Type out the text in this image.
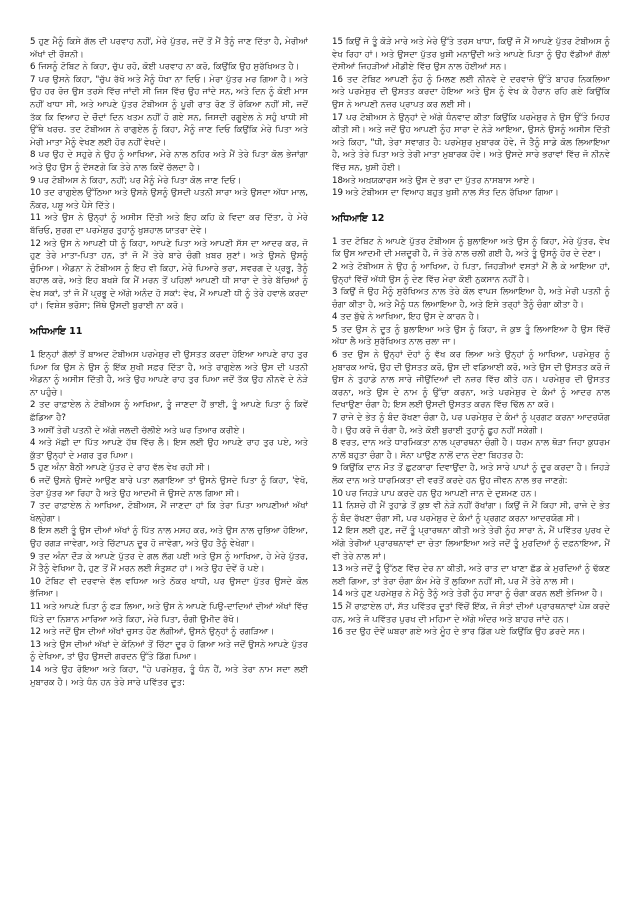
5 ਹੁਣ ਮੈਨੂੰ ਕਿਸੇ ਗੱਲ ਦੀ ਪਰਵਾਹ ਨਹੀਂ, ਮੇਰੇ ਪੁੱਤਰ, ਜਦੋਂ ਤੋਂ ਮੈਂ ਤੈਨੂੰ ਜਾਣ ਦਿੱਤਾ ਹੈ, ਮੇਰੀਆਂ ਅੱਖਾਂ ਦੀ ਰੌਸ਼ਨੀ।

6 ਜਿਸਨੂੰ ਟੋਬਿਟ ਨੇ ਕਿਹਾ, ਚੁੱਪ ਰਹੋ, ਕੋਈ ਪਰਵਾਹ ਨਾ ਕਰੋ, ਕਿਉਂਕਿ ਉਹ ਸੁਰੱਖਿਅਤ ਹੈ।

7 ਪਰ ਉਸਨੇ ਕਿਹਾ, "ਚੁੱਪ ਰੱਖੋ ਅਤੇ ਮੈਨੂੰ ਧੋਖਾ ਨਾ ਦਿਓ। ਮੇਰਾ ਪੁੱਤਰ ਮਰ ਗਿਆ ਹੈ। ਅਤੇ ਉਹ ਹਰ ਰੋਜ਼ ਉਸ ਤਰਸੇ ਵਿੱਚ ਜਾਂਦੀ ਸੀ ਜਿਸ ਵਿੱਚ ਉਹ ਜਾਂਦੇ ਸਨ, ਅਤੇ ਦਿਨ ਨੂੰ ਕੋਈ ਮਾਸ ਨਹੀਂ ਖਾਧਾ ਸੀ, ਅਤੇ ਆਪਣੇ ਪੁੱਤਰ ਟੋਬੀਅਸ ਨੂੰ ਪੂਰੀ ਰਾਤ ਰੋਣ ਤੋਂ ਰੋਕਿਆ ਨਹੀਂ ਸੀ, ਜਦੋਂ ਤੱਕ ਕਿ ਵਿਆਹ ਦੇ ਚੌਦਾਂ ਦਿਨ ਖਤਮ ਨਹੀਂ ਹੋ ਗਏ ਸਨ, ਜਿਸਦੀ ਰਗੂਏਲ ਨੇ ਸਹੁੰ ਖਾਧੀ ਸੀ ਉੱਥੇ ਖਰਚ. ਤਦ ਟੋਬੀਅਸ ਨੇ ਰਾਗੁਏਲ ਨੂੰ ਕਿਹਾ, ਮੈਨੂੰ ਜਾਣ ਦਿਓ ਕਿਉਂਕਿ ਮੇਰੇ ਪਿਤਾ ਅਤੇ ਮੇਰੀ ਮਾਤਾ ਮੈਨੂੰ ਵੇਖਣ ਲਈ ਹੋਰ ਨਹੀਂ ਵੇਖਦੇ।

8 ਪਰ ਉਹ ਦੇ ਸਹੁਰੇ ਨੇ ਉਹ ਨੂੰ ਆਖਿਆ, ਮੇਰੇ ਨਾਲ ਠਹਿਰ ਅਤੇ ਮੈਂ ਤੇਰੇ ਪਿਤਾ ਕੋਲ ਭੇਜਾਂਗਾ ਅਤੇ ਉਹ ਉਸ ਨੂੰ ਦੱਸਣਗੇ ਕਿ ਤੇਰੇ ਨਾਲ ਕਿਵੇਂ ਚੱਲਦਾ ਹੈ।

9 ਪਰ ਟੋਬੀਅਸ ਨੇ ਕਿਹਾ, ਨਹੀਂ; ਪਰ ਮੈਨੂੰ ਮੇਰੇ ਪਿਤਾ ਕੋਲ ਜਾਣ ਦਿਓ।

10 ਤਦ ਰਾਗੁਏਲ ਉੱਠਿਆ ਅਤੇ ਉਸਨੇ ਉਸਨੂੰ ਉਸਦੀ ਪਤਨੀ ਸਾਰਾ ਅਤੇ ਉਸਦਾ ਅੱਧਾ ਮਾਲ, ਨੌਕਰ, ਪਸ਼ੂ ਅਤੇ ਪੈਸੇ ਦਿੱਤੇ।

11 ਅਤੇ ਉਸ ਨੇ ਉਨ੍ਹਾਂ ਨੂੰ ਅਸੀਸ ਦਿੱਤੀ ਅਤੇ ਇਹ ਕਹਿ ਕੇ ਵਿਦਾ ਕਰ ਦਿੱਤਾ, ਹੇ ਮੇਰੇ ਬੱਚਿਓ, ਸੁਰਗ ਦਾ ਪਰਮੇਸ਼ੁਰ ਤੁਹਾਨੂੰ ਖੁਸ਼ਹਾਲ ਯਾਤਰਾ ਦੇਵੇ।

12 ਅਤੇ ਉਸ ਨੇ ਆਪਣੀ ਧੀ ਨੂੰ ਕਿਹਾ, ਆਪਣੇ ਪਿਤਾ ਅਤੇ ਆਪਣੀ ਸੱਸ ਦਾ ਆਦਰ ਕਰ, ਜੋ ਹੁਣ ਤੇਰੇ ਮਾਤਾ-ਪਿਤਾ ਹਨ, ਤਾਂ ਜੋ ਮੈਂ ਤੇਰੇ ਬਾਰੇ ਚੰਗੀ ਖ਼ਬਰ ਸੁਣਾਂ। ਅਤੇ ਉਸਨੇ ਉਸਨੂੰ ਚੁੰਮਿਆ। ਐਡਨਾ ਨੇ ਟੋਬੀਅਸ ਨੂੰ ਇਹ ਵੀ ਕਿਹਾ, ਮੇਰੇ ਪਿਆਰੇ ਭਰਾ, ਸਵਰਗ ਦੇ ਪ੍ਰਭੂ, ਤੈਨੂੰ ਬਹਾਲ ਕਰੇ, ਅਤੇ ਇਹ ਬਖਸ਼ੇ ਕਿ ਮੈਂ ਮਰਨ ਤੋਂ ਪਹਿਲਾਂ ਆਪਣੀ ਧੀ ਸਾਰਾ ਦੇ ਤੇਰੇ ਬੱਚਿਆਂ ਨੂੰ ਵੇਖ ਸਕਾਂ, ਤਾਂ ਜੋ ਮੈਂ ਪ੍ਰਭੂ ਦੇ ਅੱਗੇ ਅਨੰਦ ਹੋ ਸਕਾਂ: ਵੇਖ, ਮੈਂ ਆਪਣੀ ਧੀ ਨੂੰ ਤੇਰੇ ਹਵਾਲੇ ਕਰਦਾ ਹਾਂ। ਵਿਸ਼ੇਸ਼ ਭਰੋਸਾ; ਜਿੱਥੇ ਉਸਦੀ ਬੁਰਾਈ ਨਾ ਕਰੋ।

ਅਧਿਆਇ 11

1 ਇਨ੍ਹਾਂ ਗੱਲਾਂ ਤੋਂ ਬਾਅਦ ਟੋਬੀਅਸ ਪਰਮੇਸ਼ੁਰ ਦੀ ਉਸਤਤ ਕਰਦਾ ਹੋਇਆ ਆਪਣੇ ਰਾਹ ਤੁਰ ਪਿਆ ਕਿ ਉਸ ਨੇ ਉਸ ਨੂੰ ਇੱਕ ਸੁਖੀ ਸਫ਼ਰ ਦਿੱਤਾ ਹੈ, ਅਤੇ ਰਾਗੁਏਲ ਅਤੇ ਉਸ ਦੀ ਪਤਨੀ ਐਡਨਾ ਨੂੰ ਅਸੀਸ ਦਿੱਤੀ ਹੈ, ਅਤੇ ਉਹ ਆਪਣੇ ਰਾਹ ਤੁਰ ਪਿਆ ਜਦੋਂ ਤੱਕ ਉਹ ਨੀਨਵੇ ਦੇ ਨੇੜੇ ਨਾ ਪਹੁੰਚੇ।

2 ਤਦ ਰਾਫ਼ਾਏਲ ਨੇ ਟੋਬੀਅਸ ਨੂੰ ਆਖਿਆ, ਤੂੰ ਜਾਣਦਾ ਹੈਂ ਭਾਈ, ਤੂੰ ਆਪਣੇ ਪਿਤਾ ਨੂੰ ਕਿਵੇਂ ਛੱਡਿਆ ਹੈ?

3 ਅਸੀਂ ਤੇਰੀ ਪਤਨੀ ਦੇ ਅੱਗੇ ਜਲਦੀ ਚੱਲੀਏ ਅਤੇ ਘਰ ਤਿਆਰ ਕਰੀਏ।

4 ਅਤੇ ਮੱਛੀ ਦਾ ਪਿੱਤ ਆਪਣੇ ਹੱਥ ਵਿੱਚ ਲੈ। ਇਸ ਲਈ ਉਹ ਆਪਣੇ ਰਾਹ ਤੁਰ ਪਏ, ਅਤੇ ਕੁੱਤਾ ਉਨ੍ਹਾਂ ਦੇ ਮਗਰ ਤੁਰ ਪਿਆ।

5 ਹੁਣ ਅੰਨਾ ਬੈਠੀ ਆਪਣੇ ਪੁੱਤਰ ਦੇ ਰਾਹ ਵੱਲ ਵੇਖ ਰਹੀ ਸੀ।

6 ਜਦੋਂ ਉਸਨੇ ਉਸਦੇ ਆਉਣ ਬਾਰੇ ਪਤਾ ਲਗਾਇਆ ਤਾਂ ਉਸਨੇ ਉਸਦੇ ਪਿਤਾ ਨੂੰ ਕਿਹਾ, 'ਵੇਖੋ, ਤੇਰਾ ਪੁੱਤਰ ਆ ਰਿਹਾ ਹੈ ਅਤੇ ਉਹ ਆਦਮੀ ਜੋ ਉਸਦੇ ਨਾਲ ਗਿਆ ਸੀ।

7 ਤਦ ਰਾਫ਼ਾਏਲ ਨੇ ਆਖਿਆ, ਟੋਬੀਅਸ, ਮੈਂ ਜਾਣਦਾ ਹਾਂ ਕਿ ਤੇਰਾ ਪਿਤਾ ਆਪਣੀਆਂ ਅੱਖਾਂ ਖੋਲ੍ਹੇਗਾ।

8 ਇਸ ਲਈ ਤੂੰ ਉਸ ਦੀਆਂ ਅੱਖਾਂ ਨੂੰ ਪਿੱਤ ਨਾਲ ਮਸਹ ਕਰ, ਅਤੇ ਉਸ ਨਾਲ ਚੁਭਿਆ ਹੋਇਆ, ਉਹ ਰਗੜ ਜਾਵੇਗਾ, ਅਤੇ ਚਿੱਟਾਪਨ ਦੂਰ ਹੋ ਜਾਵੇਗਾ, ਅਤੇ ਉਹ ਤੈਨੂੰ ਵੇਖੇਗਾ।

9 ਤਦ ਅੰਨਾ ਦੌੜ ਕੇ ਆਪਣੇ ਪੁੱਤਰ ਦੇ ਗਲ ਲੱਗ ਪਈ ਅਤੇ ਉਸ ਨੂੰ ਆਖਿਆ, ਹੇ ਮੇਰੇ ਪੁੱਤਰ, ਮੈਂ ਤੈਨੂੰ ਵੇਖਿਆ ਹੈ, ਹੁਣ ਤੋਂ ਮੈਂ ਮਰਨ ਲਈ ਸੰਤੁਸ਼ਟ ਹਾਂ। ਅਤੇ ਉਹ ਦੋਵੇਂ ਰੋ ਪਏ।

10 ਟੋਬਿਟ ਵੀ ਦਰਵਾਜ਼ੇ ਵੱਲ ਵਧਿਆ ਅਤੇ ਠੋਕਰ ਖਾਧੀ, ਪਰ ਉਸਦਾ ਪੁੱਤਰ ਉਸਦੇ ਕੋਲ ਭੱਜਿਆ।

11 ਅਤੇ ਆਪਣੇ ਪਿਤਾ ਨੂੰ ਫੜ ਲਿਆ, ਅਤੇ ਉਸ ਨੇ ਆਪਣੇ ਪਿਉ-ਦਾਦਿਆਂ ਦੀਆਂ ਅੱਖਾਂ ਵਿੱਚ ਪਿੱਤੇ ਦਾ ਨਿਸ਼ਾਨ ਮਾਰਿਆ ਅਤੇ ਕਿਹਾ, ਮੇਰੇ ਪਿਤਾ, ਚੰਗੀ ਉਮੀਦ ਰੱਖੋ।

12 ਅਤੇ ਜਦੋਂ ਉਸ ਦੀਆਂ ਅੱਖਾਂ ਚੁਸਤ ਹੋਣ ਲੱਗੀਆਂ, ਉਸਨੇ ਉਨ੍ਹਾਂ ਨੂੰ ਰਗੜਿਆ।

13 ਅਤੇ ਉਸ ਦੀਆਂ ਅੱਖਾਂ ਦੇ ਕੋਨਿਆਂ ਤੋਂ ਚਿੱਟਾ ਦੂਰ ਹੋ ਗਿਆ ਅਤੇ ਜਦੋਂ ਉਸਨੇ ਆਪਣੇ ਪੁੱਤਰ ਨੂੰ ਦੇਖਿਆ, ਤਾਂ ਉਹ ਉਸਦੀ ਗਰਦਨ ਉੱਤੇ ਡਿੱਗ ਪਿਆ।

14 ਅਤੇ ਉਹ ਰੋਇਆ ਅਤੇ ਕਿਹਾ, "ਹੇ ਪਰਮੇਸ਼ੁਰ, ਤੂੰ ਧੰਨ ਹੈਂ, ਅਤੇ ਤੇਰਾ ਨਾਮ ਸਦਾ ਲਈ ਮੁਬਾਰਕ ਹੈ। ਅਤੇ ਧੰਨ ਹਨ ਤੇਰੇ ਸਾਰੇ ਪਵਿੱਤਰ ਦੂਤ:

15 ਕਿਉਂ ਜੋ ਤੂੰ ਕੋੜੇ ਮਾਰੇ ਅਤੇ ਮੇਰੇ ਉੱਤੇ ਤਰਸ ਖਾਧਾ, ਕਿਉਂ ਜੋ ਮੈਂ ਆਪਣੇ ਪੁੱਤਰ ਟੋਬੀਅਸ ਨੂੰ ਵੇਖ ਰਿਹਾ ਹਾਂ। ਅਤੇ ਉਸਦਾ ਪੁੱਤਰ ਖੁਸ਼ੀ ਮਨਾਉਂਦੀ ਅਤੇ ਆਪਣੇ ਪਿਤਾ ਨੂੰ ਉਹ ਵੱਡੀਆਂ ਗੱਲਾਂ ਦੱਸੀਆਂ ਜਿਹੜੀਆਂ ਮੀਡੀਏ ਵਿੱਚ ਉਸ ਨਾਲ ਹੋਈਆਂ ਸਨ।

16 ਤਦ ਟੋਬਿਟ ਆਪਣੀ ਨੂੰਹ ਨੂੰ ਮਿਲਣ ਲਈ ਨੀਨਵੇ ਦੇ ਦਰਵਾਜ਼ੇ ਉੱਤੇ ਬਾਹਰ ਨਿਕਲਿਆ ਅਤੇ ਪਰਮੇਸ਼ੁਰ ਦੀ ਉਸਤਤ ਕਰਦਾ ਹੋਇਆ ਅਤੇ ਉਸ ਨੂੰ ਵੇਖ ਕੇ ਹੈਰਾਨ ਰਹਿ ਗਏ ਕਿਉਂਕਿ ਉਸ ਨੇ ਆਪਣੀ ਨਜ਼ਰ ਪ੍ਰਾਪਤ ਕਰ ਲਈ ਸੀ।

17 ਪਰ ਟੋਬੀਅਸ ਨੇ ਉਨ੍ਹਾਂ ਦੇ ਅੱਗੇ ਧੰਨਵਾਦ ਕੀਤਾ ਕਿਉਂਕਿ ਪਰਮੇਸ਼ੁਰ ਨੇ ਉਸ ਉੱਤੇ ਮਿਹਰ ਕੀਤੀ ਸੀ। ਅਤੇ ਜਦੋਂ ਉਹ ਆਪਣੀ ਨੂੰਹ ਸਾਰਾ ਦੇ ਨੇੜੇ ਆਇਆ, ਉਸਨੇ ਉਸਨੂੰ ਅਸੀਸ ਦਿੱਤੀ ਅਤੇ ਕਿਹਾ, "ਧੀ, ਤੇਰਾ ਸਵਾਗਤ ਹੈ: ਪਰਮੇਸ਼ੁਰ ਮੁਬਾਰਕ ਹੋਵੇ, ਜੋ ਤੈਨੂੰ ਸਾਡੇ ਕੋਲ ਲਿਆਇਆ ਹੈ, ਅਤੇ ਤੇਰੇ ਪਿਤਾ ਅਤੇ ਤੇਰੀ ਮਾਤਾ ਮੁਬਾਰਕ ਹੋਵੇ। ਅਤੇ ਉਸਦੇ ਸਾਰੇ ਭਰਾਵਾਂ ਵਿੱਚ ਜੋ ਨੀਨਵੇ ਵਿੱਚ ਸਨ, ਖੁਸ਼ੀ ਹੋਈ।

18ਅਤੇ ਅਖ਼ਯਕਾਰਸ ਅਤੇ ਉਸ ਦੇ ਭਰਾ ਦਾ ਪੁੱਤਰ ਨਾਸਬਾਸ ਆਏ।

19 ਅਤੇ ਟੋਬੀਅਸ ਦਾ ਵਿਆਹ ਬਹੁਤ ਖੁਸ਼ੀ ਨਾਲ ਸੱਤ ਦਿਨ ਰੱਖਿਆ ਗਿਆ।

ਅਧਿਆਇ 12

1 ਤਦ ਟੋਬਿਟ ਨੇ ਆਪਣੇ ਪੁੱਤਰ ਟੋਬੀਅਸ ਨੂੰ ਬੁਲਾਇਆ ਅਤੇ ਉਸ ਨੂੰ ਕਿਹਾ, ਮੇਰੇ ਪੁੱਤਰ, ਵੇਖ ਕਿ ਉਸ ਆਦਮੀ ਦੀ ਮਜ਼ਦੂਰੀ ਹੈ, ਜੋ ਤੇਰੇ ਨਾਲ ਚਲੀ ਗਈ ਹੈ, ਅਤੇ ਤੂੰ ਉਸਨੂੰ ਹੋਰ ਦੇ ਦੇਣਾ।

2 ਅਤੇ ਟੋਬੀਅਸ ਨੇ ਉਹ ਨੂੰ ਆਖਿਆ, ਹੇ ਪਿਤਾ, ਜਿਹੜੀਆਂ ਵਸਤਾਂ ਮੈਂ ਲੈ ਕੇ ਆਇਆ ਹਾਂ, ਉਨ੍ਹਾਂ ਵਿੱਚੋਂ ਅੱਧੀ ਉਸ ਨੂੰ ਦੇਣ ਵਿੱਚ ਮੇਰਾ ਕੋਈ ਨੁਕਸਾਨ ਨਹੀਂ ਹੈ।

3 ਕਿਉਂ ਜੋ ਉਹ ਮੈਨੂੰ ਸੁਰੱਖਿਅਤ ਨਾਲ ਤੇਰੇ ਕੋਲ ਵਾਪਸ ਲਿਆਇਆ ਹੈ, ਅਤੇ ਮੇਰੀ ਪਤਨੀ ਨੂੰ ਚੰਗਾ ਕੀਤਾ ਹੈ, ਅਤੇ ਮੈਨੂੰ ਧਨ ਲਿਆਇਆ ਹੈ, ਅਤੇ ਇਸੇ ਤਰ੍ਹਾਂ ਤੈਨੂੰ ਚੰਗਾ ਕੀਤਾ ਹੈ।

4 ਤਦ ਬੁੱਢੇ ਨੇ ਆਖਿਆ, ਇਹ ਉਸ ਦੇ ਕਾਰਨ ਹੈ।

5 ਤਦ ਉਸ ਨੇ ਦੂਤ ਨੂੰ ਬੁਲਾਇਆ ਅਤੇ ਉਸ ਨੂੰ ਕਿਹਾ, ਜੋ ਕੁਝ ਤੂੰ ਲਿਆਇਆ ਹੈ ਉਸ ਵਿੱਚੋਂ ਅੱਧਾ ਲੈ ਅਤੇ ਸੁਰੱਖਿਅਤ ਨਾਲ ਚਲਾ ਜਾ।

6 ਤਦ ਉਸ ਨੇ ਉਨ੍ਹਾਂ ਦੋਹਾਂ ਨੂੰ ਵੱਖ ਕਰ ਲਿਆ ਅਤੇ ਉਨ੍ਹਾਂ ਨੂੰ ਆਖਿਆ, ਪਰਮੇਸ਼ੁਰ ਨੂੰ ਮੁਬਾਰਕ ਆਖੋ, ਉਹ ਦੀ ਉਸਤਤ ਕਰੋ, ਉਸ ਦੀ ਵਡਿਆਈ ਕਰੋ, ਅਤੇ ਉਸ ਦੀ ਉਸਤਤ ਕਰੋ ਜੋ ਉਸ ਨੇ ਤੁਹਾਡੇ ਨਾਲ ਸਾਰੇ ਜੀਉਂਦਿਆਂ ਦੀ ਨਜ਼ਰ ਵਿੱਚ ਕੀਤੇ ਹਨ। ਪਰਮੇਸ਼ੁਰ ਦੀ ਉਸਤਤ ਕਰਨਾ, ਅਤੇ ਉਸ ਦੇ ਨਾਮ ਨੂੰ ਉੱਚਾ ਕਰਨਾ, ਅਤੇ ਪਰਮੇਸ਼ੁਰ ਦੇ ਕੰਮਾਂ ਨੂੰ ਆਦਰ ਨਾਲ ਦਿਖਾਉਣਾ ਚੰਗਾ ਹੈ; ਇਸ ਲਈ ਉਸਦੀ ਉਸਤਤ ਕਰਨ ਵਿੱਚ ਢਿੱਲ ਨਾ ਕਰੋ।

7 ਰਾਜੇ ਦੇ ਭੇਤ ਨੂੰ ਬੰਦ ਰੱਖਣਾ ਚੰਗਾ ਹੈ, ਪਰ ਪਰਮੇਸ਼ੁਰ ਦੇ ਕੰਮਾਂ ਨੂੰ ਪ੍ਰਗਟ ਕਰਨਾ ਆਦਰਯੋਗ ਹੈ। ਉਹ ਕਰੋ ਜੋ ਚੰਗਾ ਹੈ, ਅਤੇ ਕੋਈ ਬੁਰਾਈ ਤੁਹਾਨੂੰ ਛੂਹ ਨਹੀਂ ਸਕੇਗੀ।

8 ਵਰਤ, ਦਾਨ ਅਤੇ ਧਾਰਮਿਕਤਾ ਨਾਲ ਪ੍ਰਾਰਥਨਾ ਚੰਗੀ ਹੈ। ਧਰਮ ਨਾਲ ਥੋੜਾ ਜਿਹਾ ਕੁਧਰਮ ਨਾਲੋਂ ਬਹੁਤਾ ਚੰਗਾ ਹੈ। ਸੋਨਾ ਪਾਉਣ ਨਾਲੋਂ ਦਾਨ ਦੇਣਾ ਬਿਹਤਰ ਹੈ:

9 ਕਿਉਂਕਿ ਦਾਨ ਮੌਤ ਤੋਂ ਛੁਟਕਾਰਾ ਦਿਵਾਉਂਦਾ ਹੈ, ਅਤੇ ਸਾਰੇ ਪਾਪਾਂ ਨੂੰ ਦੂਰ ਕਰਦਾ ਹੈ। ਜਿਹੜੇ ਲੋਕ ਦਾਨ ਅਤੇ ਧਾਰਮਿਕਤਾ ਦੀ ਵਰਤੋਂ ਕਰਦੇ ਹਨ ਉਹ ਜੀਵਨ ਨਾਲ ਭਰ ਜਾਣਗੇ:

10 ਪਰ ਜਿਹੜੇ ਪਾਪ ਕਰਦੇ ਹਨ ਉਹ ਆਪਣੀ ਜਾਨ ਦੇ ਦੁਸ਼ਮਣ ਹਨ।

11 ਨਿਸ਼ਚੇ ਹੀ ਮੈਂ ਤੁਹਾਡੇ ਤੋਂ ਕੁਝ ਵੀ ਨੇੜੇ ਨਹੀਂ ਰੱਖਾਂਗਾ। ਕਿਉਂ ਜੋ ਮੈਂ ਕਿਹਾ ਸੀ, ਰਾਜੇ ਦੇ ਭੇਤ ਨੂੰ ਬੰਦ ਰੱਖਣਾ ਚੰਗਾ ਸੀ, ਪਰ ਪਰਮੇਸ਼ੁਰ ਦੇ ਕੰਮਾਂ ਨੂੰ ਪ੍ਰਗਟ ਕਰਨਾ ਆਦਰਯੋਗ ਸੀ।

12 ਇਸ ਲਈ ਹੁਣ, ਜਦੋਂ ਤੂੰ ਪ੍ਰਾਰਥਨਾ ਕੀਤੀ ਅਤੇ ਤੇਰੀ ਨੂੰਹ ਸਾਰਾ ਨੇ, ਮੈਂ ਪਵਿੱਤਰ ਪੁਰਖ ਦੇ ਅੱਗੇ ਤੇਰੀਆਂ ਪ੍ਰਾਰਥਨਾਵਾਂ ਦਾ ਚੇਤਾ ਲਿਆਇਆ ਅਤੇ ਜਦੋਂ ਤੂੰ ਮੁਰਦਿਆਂ ਨੂੰ ਦਫ਼ਨਾਇਆ, ਮੈਂ ਵੀ ਤੇਰੇ ਨਾਲ ਸਾਂ।

13 ਅਤੇ ਜਦੋਂ ਤੂੰ ਉੱਠਣ ਵਿੱਚ ਦੇਰ ਨਾ ਕੀਤੀ, ਅਤੇ ਰਾਤ ਦਾ ਖਾਣਾ ਛੱਡ ਕੇ ਮੁਰਦਿਆਂ ਨੂੰ ਢੱਕਣ ਲਈ ਗਿਆ, ਤਾਂ ਤੇਰਾ ਚੰਗਾ ਕੰਮ ਮੇਰੇ ਤੋਂ ਲੁਕਿਆ ਨਹੀਂ ਸੀ, ਪਰ ਮੈਂ ਤੇਰੇ ਨਾਲ ਸੀ।

14 ਅਤੇ ਹੁਣ ਪਰਮੇਸ਼ੁਰ ਨੇ ਮੈਨੂੰ ਤੈਨੂੰ ਅਤੇ ਤੇਰੀ ਨੂੰਹ ਸਾਰਾ ਨੂੰ ਚੰਗਾ ਕਰਨ ਲਈ ਭੇਜਿਆ ਹੈ।

15 ਮੈਂ ਰਾਫ਼ਾਏਲ ਹਾਂ, ਸੱਤ ਪਵਿੱਤਰ ਦੂਤਾਂ ਵਿੱਚੋਂ ਇੱਕ, ਜੋ ਸੰਤਾਂ ਦੀਆਂ ਪ੍ਰਾਰਥਨਾਵਾਂ ਪੇਸ਼ ਕਰਦੇ ਹਨ, ਅਤੇ ਜੋ ਪਵਿੱਤਰ ਪੁਰਖ ਦੀ ਮਹਿਮਾ ਦੇ ਅੱਗੇ ਅੰਦਰ ਅਤੇ ਬਾਹਰ ਜਾਂਦੇ ਹਨ।

16 ਤਦ ਉਹ ਦੋਵੇਂ ਘਬਰਾ ਗਏ ਅਤੇ ਮੂੰਹ ਦੇ ਭਾਰ ਡਿੱਗ ਪਏ ਕਿਉਂਕਿ ਉਹ ਡਰਦੇ ਸਨ।
